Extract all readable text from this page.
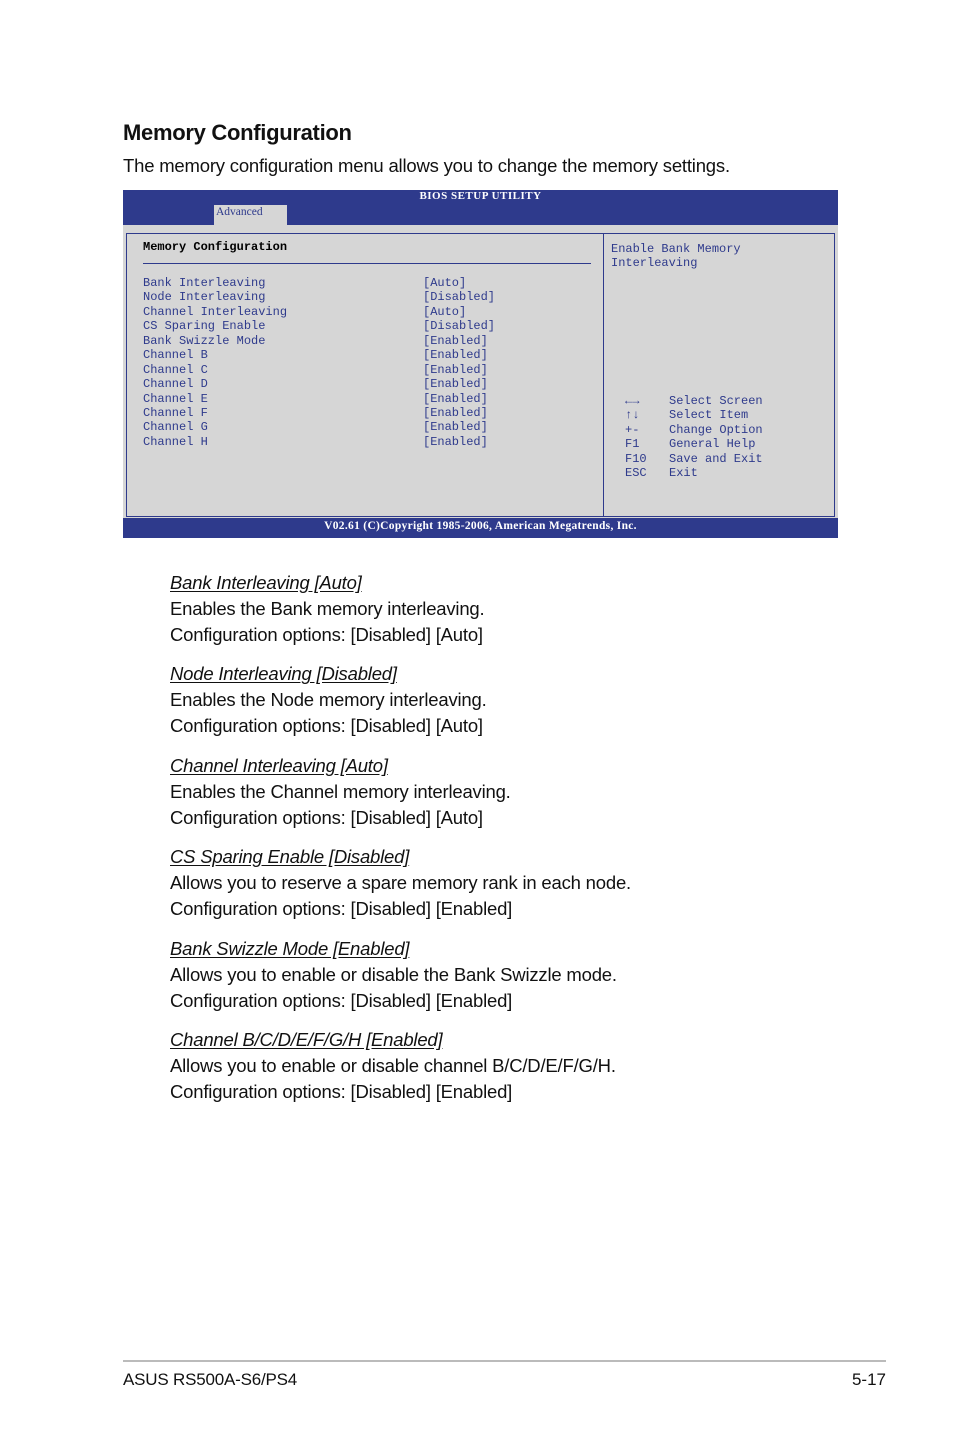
Memory Configuration
The memory configuration menu allows you to change the memory settings.
BIOS SETUP UTILITY
Advanced
Memory Configuration
Bank Interleaving	[Auto]
Node Interleaving	[Disabled]
Channel Interleaving	[Auto]
CS Sparing Enable	[Disabled]
Bank Swizzle Mode	[Enabled]
Channel B	[Enabled]
Channel C	[Enabled]
Channel D	[Enabled]
Channel E	[Enabled]
Channel F	[Enabled]
Channel G	[Enabled]
Channel H	[Enabled]
Enable Bank Memory
Interleaving
←→ Select Screen
↑↓ Select Item
+- Change Option
F1 General Help
F10 Save and Exit
ESC Exit
V02.61 (C)Copyright 1985-2006, American Megatrends, Inc.
Bank Interleaving [Auto]
Enables the Bank memory interleaving.
Configuration options: [Disabled] [Auto]
Node Interleaving [Disabled]
Enables the Node memory interleaving.
Configuration options: [Disabled] [Auto]
Channel Interleaving [Auto]
Enables the Channel memory interleaving.
Configuration options: [Disabled] [Auto]
CS Sparing Enable [Disabled]
Allows you to reserve a spare memory rank in each node.
Configuration options: [Disabled] [Enabled]
Bank Swizzle Mode [Enabled]
Allows you to enable or disable the Bank Swizzle mode.
Configuration options: [Disabled] [Enabled]
Channel B/C/D/E/F/G/H [Enabled]
Allows you to enable or disable channel B/C/D/E/F/G/H.
Configuration options: [Disabled] [Enabled]
ASUS RS500A-S6/PS4	5-17
